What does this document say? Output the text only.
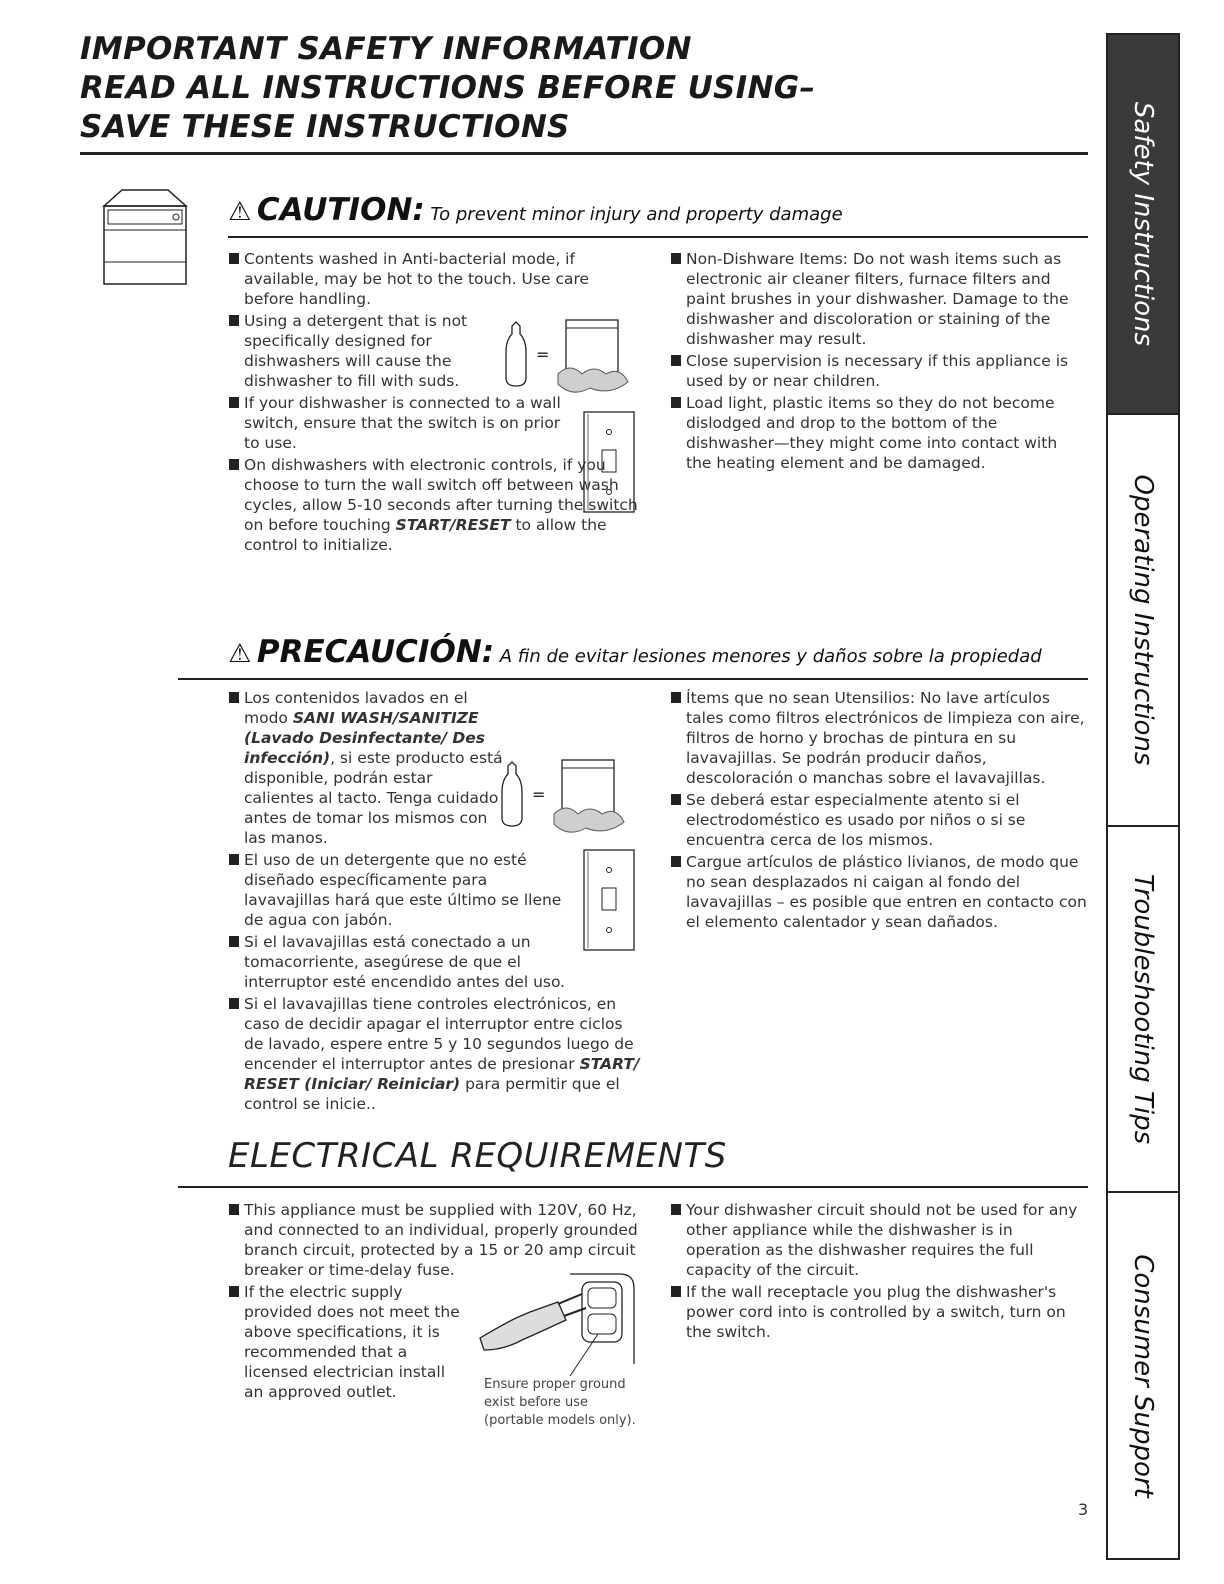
IMPORTANT SAFETY INFORMATION
READ ALL INSTRUCTIONS BEFORE USING–
SAVE THESE INSTRUCTIONS
⚠ CAUTION: To prevent minor injury and property damage
Contents washed in Anti-bacterial mode, if available, may be hot to the touch. Use care before handling.
Using a detergent that is not specifically designed for dishwashers will cause the dishwasher to fill with suds.
If your dishwasher is connected to a wall switch, ensure that the switch is on prior to use.
On dishwashers with electronic controls, if you choose to turn the wall switch off between wash cycles, allow 5-10 seconds after turning the switch on before touching START/RESET to allow the control to initialize.
=
Non-Dishware Items: Do not wash items such as electronic air cleaner filters, furnace filters and paint brushes in your dishwasher. Damage to the dishwasher and discoloration or staining of the dishwasher may result.
Close supervision is necessary if this appliance is used by or near children.
Load light, plastic items so they do not become dislodged and drop to the bottom of the dishwasher—they might come into contact with the heating element and be damaged.
⚠ PRECAUCIÓN: A fin de evitar lesiones menores y daños sobre la propiedad
Los contenidos lavados en el modo SANI WASH/SANITIZE (Lavado Desinfectante/ Des infección), si este producto está disponible, podrán estar calientes al tacto. Tenga cuidado antes de tomar los mismos con las manos.
El uso de un detergente que no esté diseñado específicamente para lavavajillas hará que este último se llene de agua con jabón.
Si el lavavajillas está conectado a un tomacorriente, asegúrese de que el interruptor esté encendido antes del uso.
Si el lavavajillas tiene controles electrónicos, en caso de decidir apagar el interruptor entre ciclos de lavado, espere entre 5 y 10 segundos luego de encender el interruptor antes de presionar START/ RESET (Iniciar/ Reiniciar) para permitir que el control se inicie..
=
Ítems que no sean Utensilios: No lave artículos tales como filtros electrónicos de limpieza con aire, filtros de horno y brochas de pintura en su lavavajillas. Se podrán producir daños, descoloración o manchas sobre el lavavajillas.
Se deberá estar especialmente atento si el electrodoméstico es usado por niños o si se encuentra cerca de los mismos.
Cargue artículos de plástico livianos, de modo que no sean desplazados ni caigan al fondo del lavavajillas – es posible que entren en contacto con el elemento calentador y sean dañados.
ELECTRICAL REQUIREMENTS
This appliance must be supplied with 120V, 60 Hz, and connected to an individual, properly grounded branch circuit, protected by a 15 or 20 amp circuit breaker or time-delay fuse.
If the electric supply provided does not meet the above specifications, it is recommended that a licensed electrician install an approved outlet.	Ensure proper ground exist before use (portable models only).
Your dishwasher circuit should not be used for any other appliance while the dishwasher is in operation as the dishwasher requires the full capacity of the circuit.
If the wall receptacle you plug the dishwasher's power cord into is controlled by a switch, turn on the switch.
Safety Instructions
Operating Instructions
Troubleshooting Tips
Consumer Support
3
